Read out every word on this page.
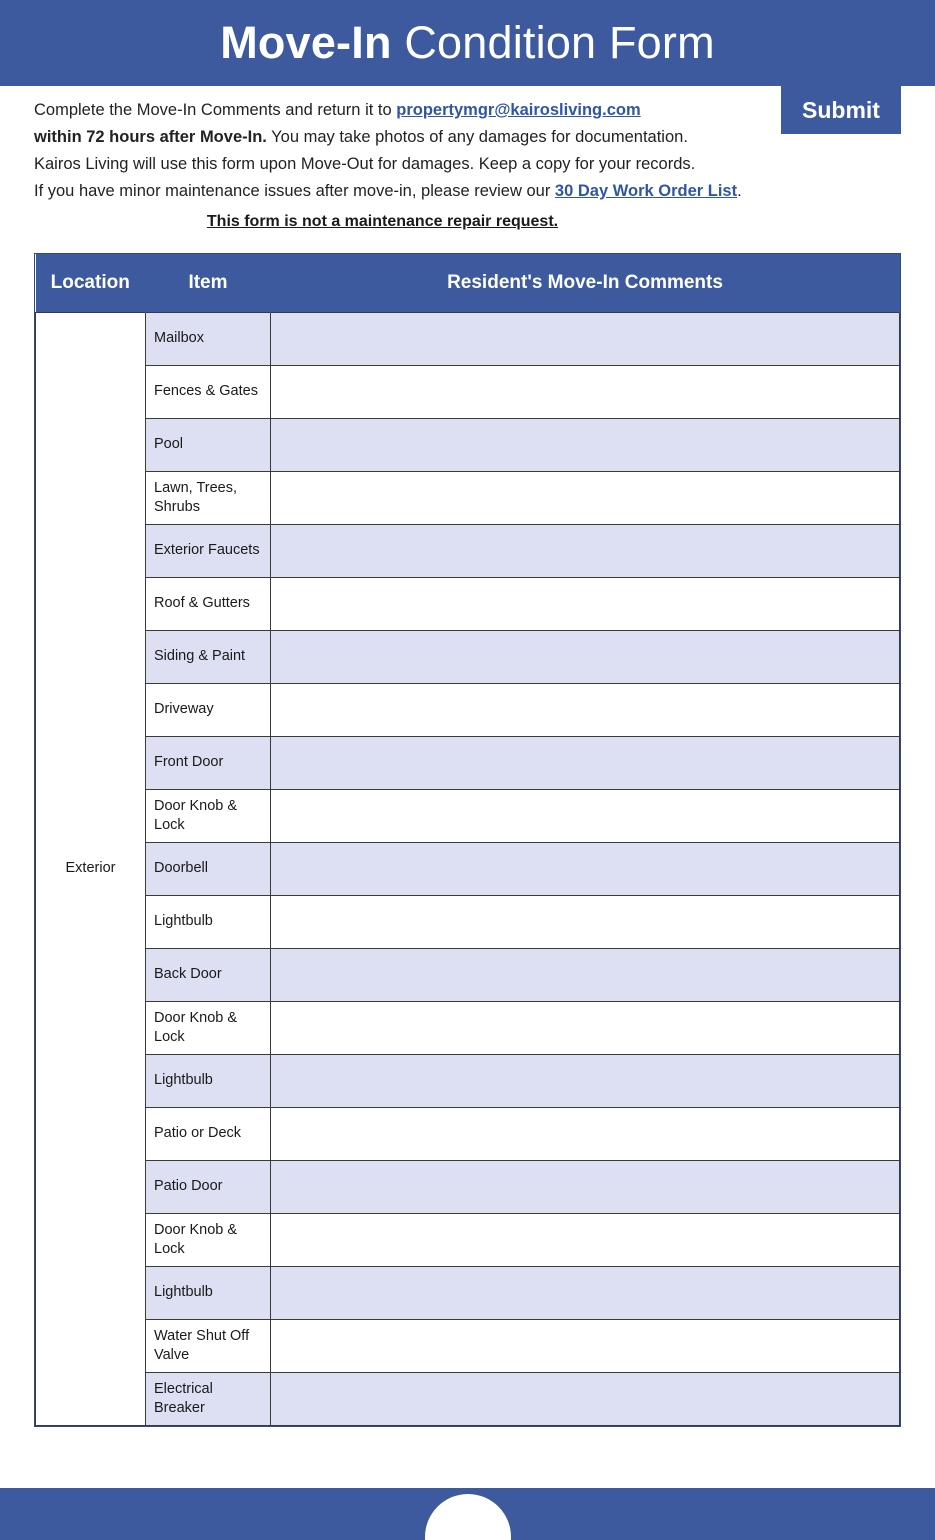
Move-In Condition Form
Submit

Complete the Move-In Comments and return it to propertymgr@kairosliving.com

within 72 hours after Move-In. You may take photos of any damages for documentation.

Kairos Living will use this form upon Move-Out for damages. Keep a copy for your records.

If you have minor maintenance issues after move-in, please review our 30 Day Work Order List.

This form is not a maintenance repair request.
Location	Item	Resident's Move-In Comments
Exterior	Mailbox	
	Fences & Gates	
	Pool	
	Lawn, Trees, Shrubs	
	Exterior Faucets	
	Roof & Gutters	
	Siding & Paint	
	Driveway	
	Front Door	
	Door Knob & Lock	
	Doorbell	
	Lightbulb	
	Back Door	
	Door Knob & Lock	
	Lightbulb	
	Patio or Deck	
	Patio Door	
	Door Knob & Lock	
	Lightbulb	
	Water Shut Off Valve	
	Electrical Breaker	
